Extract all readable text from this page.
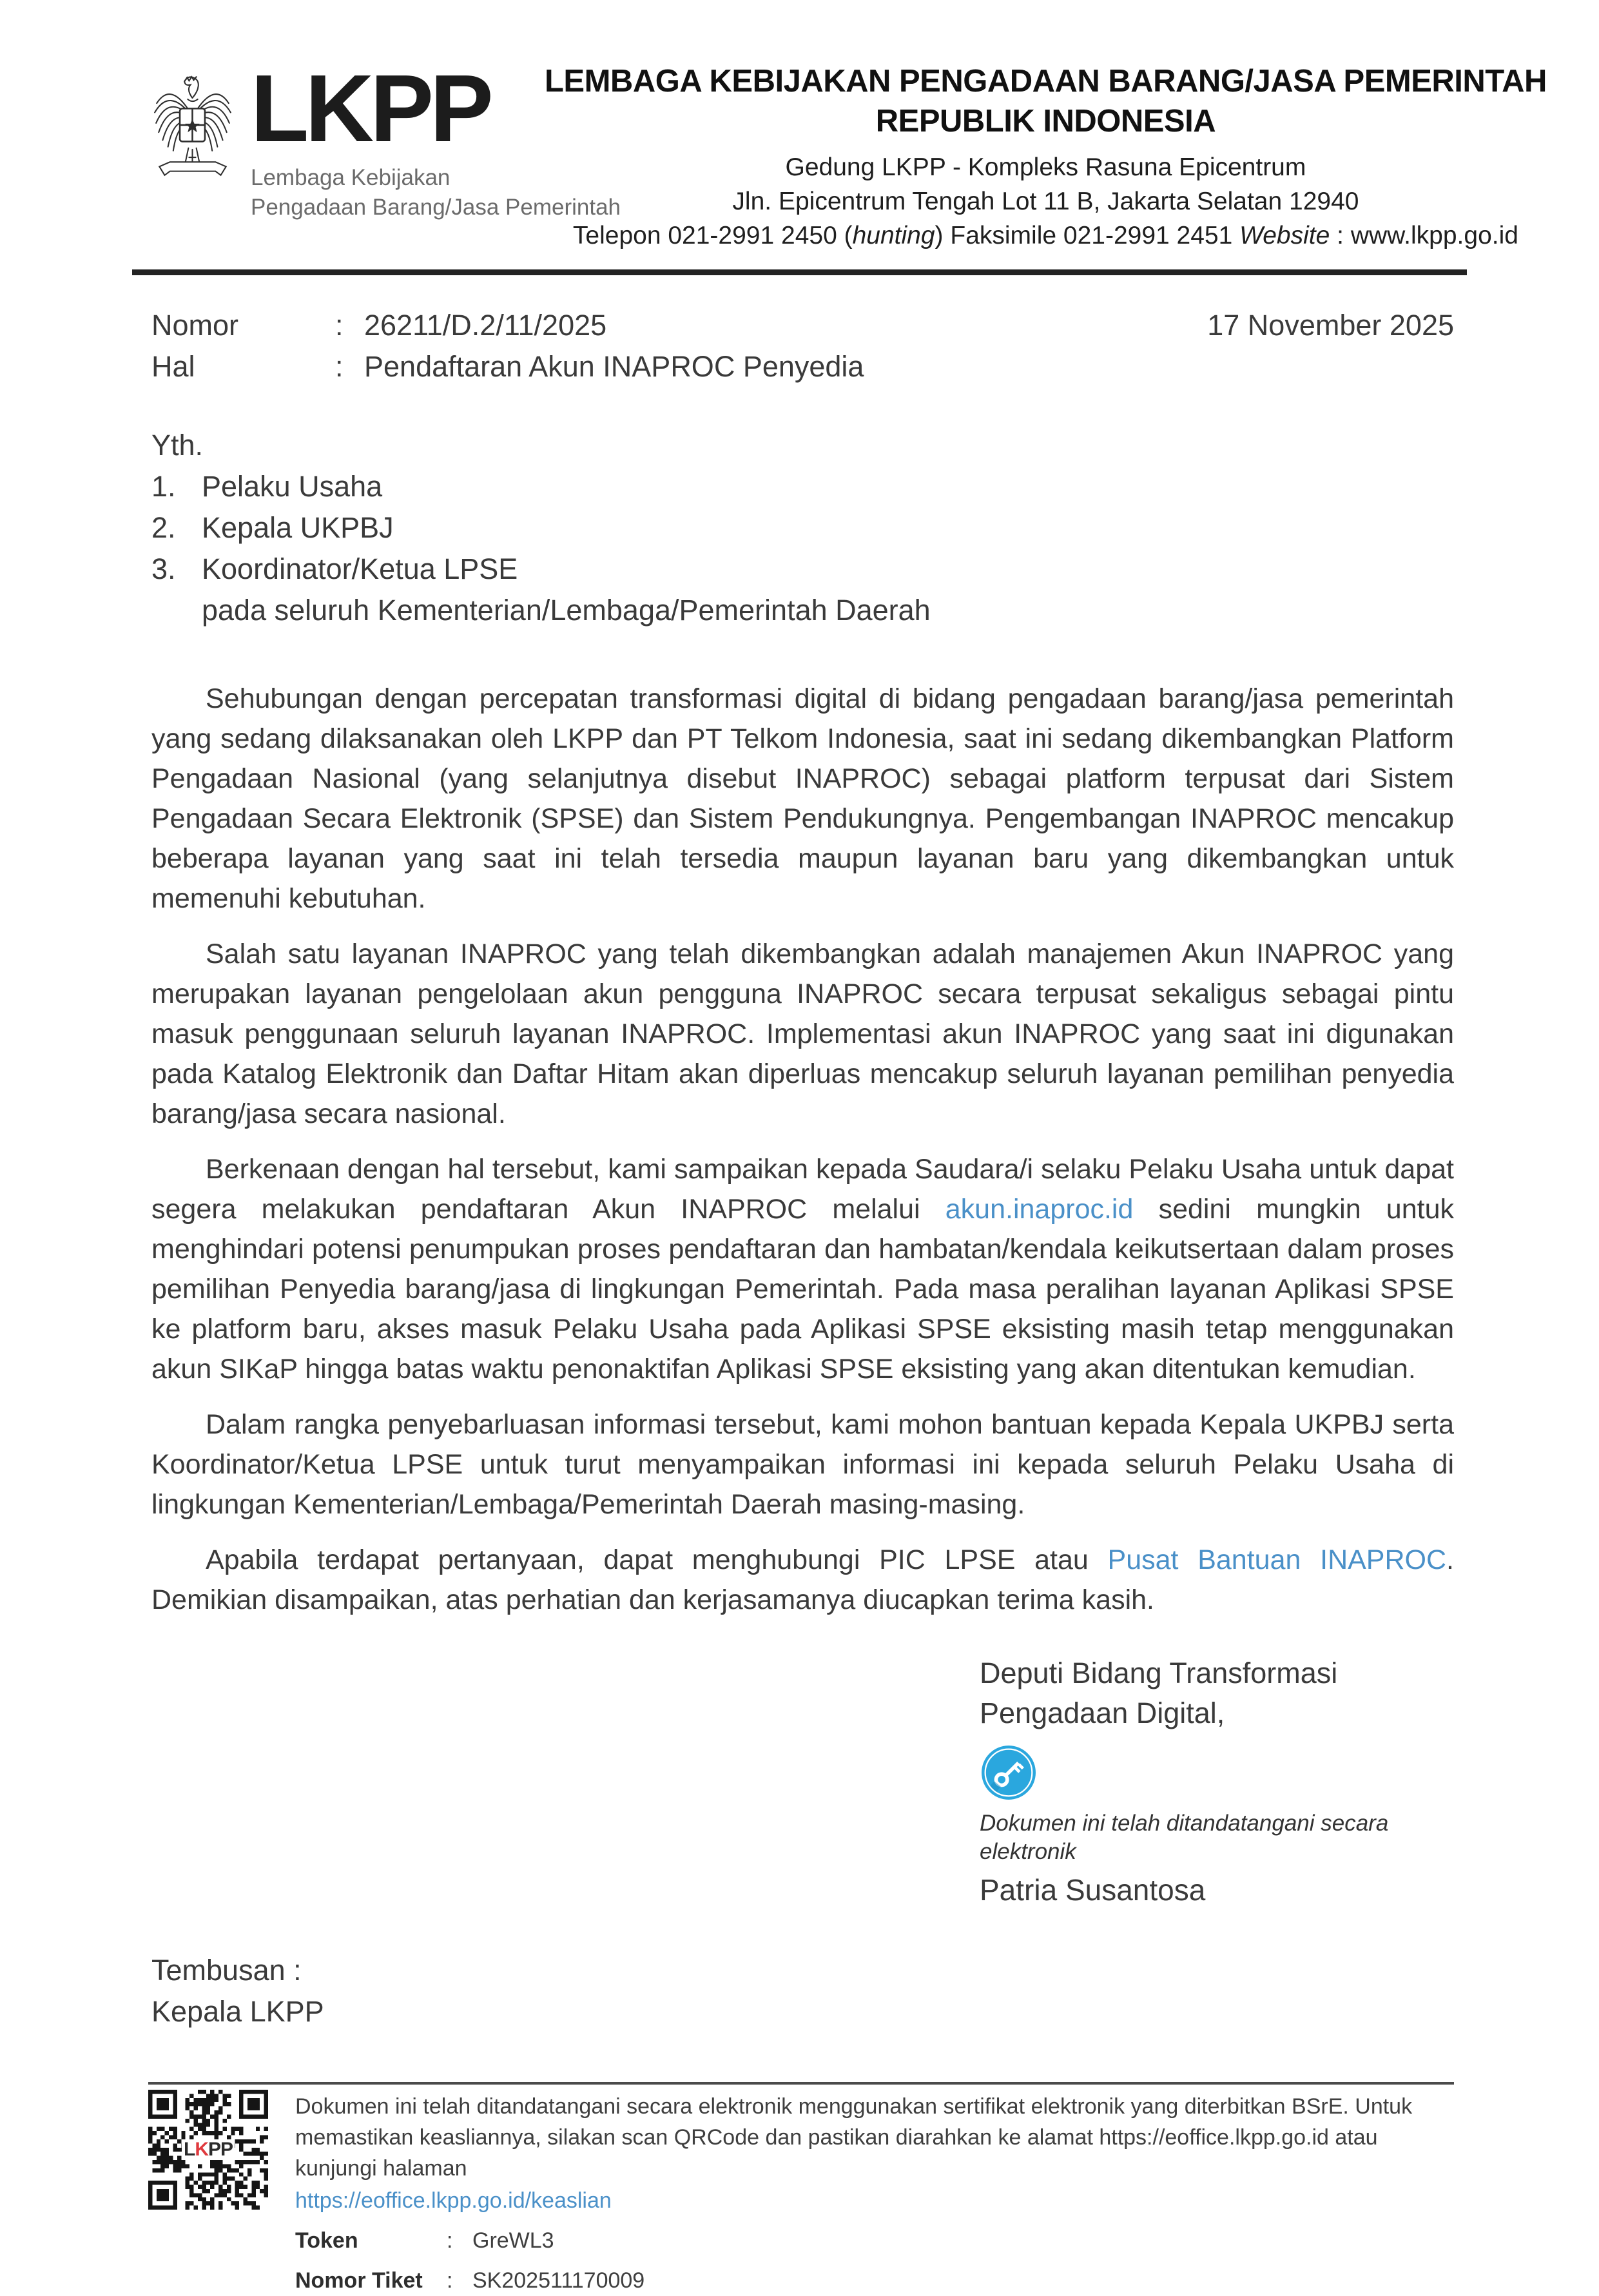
LKPP
Lembaga Kebijakan
Pengadaan Barang/Jasa Pemerintah
LEMBAGA KEBIJAKAN PENGADAAN BARANG/JASA PEMERINTAH
REPUBLIK INDONESIA
Gedung LKPP - Kompleks Rasuna Epicentrum
Jln. Epicentrum Tengah Lot 11 B, Jakarta Selatan 12940
Telepon 021-2991 2450 (hunting) Faksimile 021-2991 2451 Website : www.lkpp.go.id
Nomor	: 26211/D.2/11/2025
Hal	: Pendaftaran Akun INAPROC Penyedia
17 November 2025
Yth.
1. Pelaku Usaha
2. Kepala UKPBJ
3. Koordinator/Ketua LPSE
pada seluruh Kementerian/Lembaga/Pemerintah Daerah

Sehubungan dengan percepatan transformasi digital di bidang pengadaan barang/jasa pemerintah yang sedang dilaksanakan oleh LKPP dan PT Telkom Indonesia, saat ini sedang dikembangkan Platform Pengadaan Nasional (yang selanjutnya disebut INAPROC) sebagai platform terpusat dari Sistem Pengadaan Secara Elektronik (SPSE) dan Sistem Pendukungnya. Pengembangan INAPROC mencakup beberapa layanan yang saat ini telah tersedia maupun layanan baru yang dikembangkan untuk memenuhi kebutuhan.

Salah satu layanan INAPROC yang telah dikembangkan adalah manajemen Akun INAPROC yang merupakan layanan pengelolaan akun pengguna INAPROC secara terpusat sekaligus sebagai pintu masuk penggunaan seluruh layanan INAPROC. Implementasi akun INAPROC yang saat ini digunakan pada Katalog Elektronik dan Daftar Hitam akan diperluas mencakup seluruh layanan pemilihan penyedia barang/jasa secara nasional.

Berkenaan dengan hal tersebut, kami sampaikan kepada Saudara/i selaku Pelaku Usaha untuk dapat segera melakukan pendaftaran Akun INAPROC melalui akun.inaproc.id sedini mungkin untuk menghindari potensi penumpukan proses pendaftaran dan hambatan/kendala keikutsertaan dalam proses pemilihan Penyedia barang/jasa di lingkungan Pemerintah. Pada masa peralihan layanan Aplikasi SPSE ke platform baru, akses masuk Pelaku Usaha pada Aplikasi SPSE eksisting masih tetap menggunakan akun SIKaP hingga batas waktu penonaktifan Aplikasi SPSE eksisting yang akan ditentukan kemudian.

Dalam rangka penyebarluasan informasi tersebut, kami mohon bantuan kepada Kepala UKPBJ serta Koordinator/Ketua LPSE untuk turut menyampaikan informasi ini kepada seluruh Pelaku Usaha di lingkungan Kementerian/Lembaga/Pemerintah Daerah masing-masing.

Apabila terdapat pertanyaan, dapat menghubungi PIC LPSE atau Pusat Bantuan INAPROC. Demikian disampaikan, atas perhatian dan kerjasamanya diucapkan terima kasih.

Deputi Bidang Transformasi
Pengadaan Digital,
Dokumen ini telah ditandatangani secara elektronik
Patria Susantosa
Tembusan :
Kepala LKPP
LKPP
Dokumen ini telah ditandatangani secara elektronik menggunakan sertifikat elektronik yang diterbitkan BSrE. Untuk memastikan keasliannya, silakan scan QRCode dan pastikan diarahkan ke alamat https://eoffice.lkpp.go.id atau kunjungi halaman
https://eoffice.lkpp.go.id/keaslian
Token	: GreWL3
Nomor Tiket	: SK202511170009
